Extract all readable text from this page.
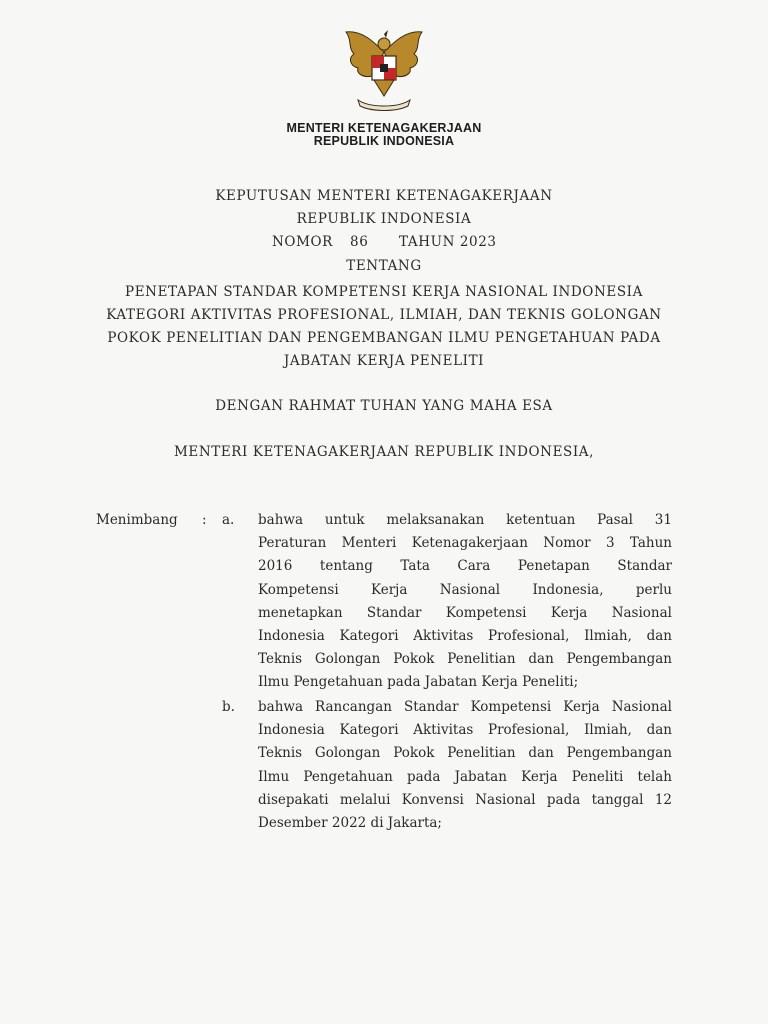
MENTERI KETENAGAKERJAAN
REPUBLIK INDONESIA
KEPUTUSAN MENTERI KETENAGAKERJAAN
REPUBLIK INDONESIA
NOMOR 86 TAHUN 2023
TENTANG
PENETAPAN STANDAR KOMPETENSI KERJA NASIONAL INDONESIA
KATEGORI AKTIVITAS PROFESIONAL, ILMIAH, DAN TEKNIS GOLONGAN
POKOK PENELITIAN DAN PENGEMBANGAN ILMU PENGETAHUAN PADA
JABATAN KERJA PENELITI
DENGAN RAHMAT TUHAN YANG MAHA ESA
MENTERI KETENAGAKERJAAN REPUBLIK INDONESIA,
Menimbang : a. bahwa untuk melaksanakan ketentuan Pasal 31
Peraturan Menteri Ketenagakerjaan Nomor 3 Tahun
2016 tentang Tata Cara Penetapan Standar
Kompetensi Kerja Nasional Indonesia, perlu
menetapkan Standar Kompetensi Kerja Nasional
Indonesia Kategori Aktivitas Profesional, Ilmiah, dan
Teknis Golongan Pokok Penelitian dan Pengembangan
Ilmu Pengetahuan pada Jabatan Kerja Peneliti;
b. bahwa Rancangan Standar Kompetensi Kerja Nasional
Indonesia Kategori Aktivitas Profesional, Ilmiah, dan
Teknis Golongan Pokok Penelitian dan Pengembangan
Ilmu Pengetahuan pada Jabatan Kerja Peneliti telah
disepakati melalui Konvensi Nasional pada tanggal 12
Desember 2022 di Jakarta;
